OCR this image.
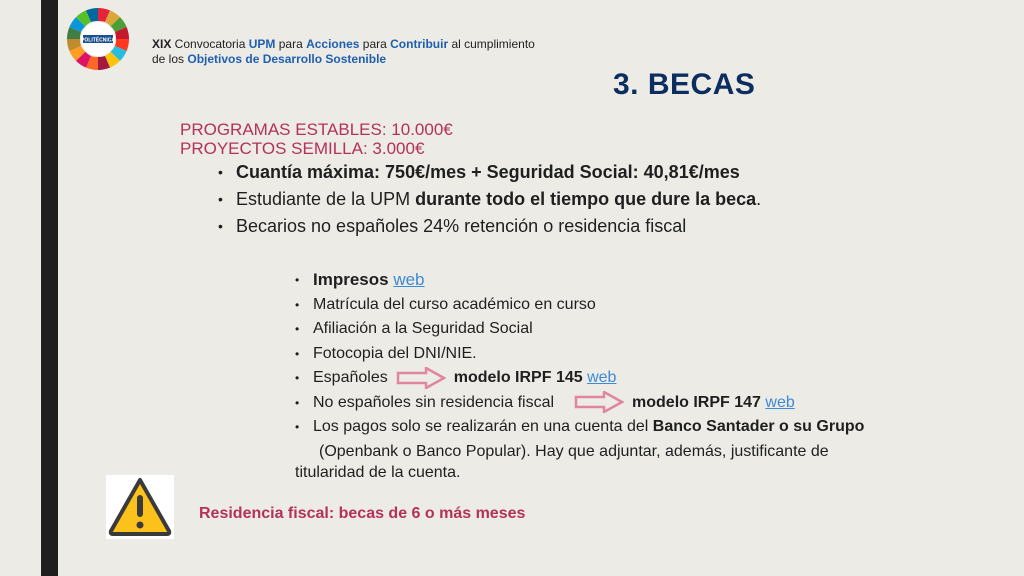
POLITÉCNICA	XIX Convocatoria UPM para Acciones para Contribuir al cumplimiento
de los Objetivos de Desarrollo Sostenible
3. BECAS
PROGRAMAS ESTABLES: 10.000€
PROYECTOS SEMILLA: 3.000€
• Cuantía máxima: 750€/mes + Seguridad Social: 40,81€/mes
• Estudiante de la UPM durante todo el tiempo que dure la beca.
• Becarios no españoles 24% retención o residencia fiscal
• Impresos web
• Matrícula del curso académico en curso
• Afiliación a la Seguridad Social
• Fotocopia del DNI/NIE.
• Españoles	modelo IRPF 145 web
• No españoles sin residencia fiscal	modelo IRPF 147 web
• Los pagos solo se realizarán en una cuenta del Banco Santader o su Grupo
(Openbank o Banco Popular). Hay que adjuntar, además, justificante de
titularidad de la cuenta.
Residencia fiscal: becas de 6 o más meses
